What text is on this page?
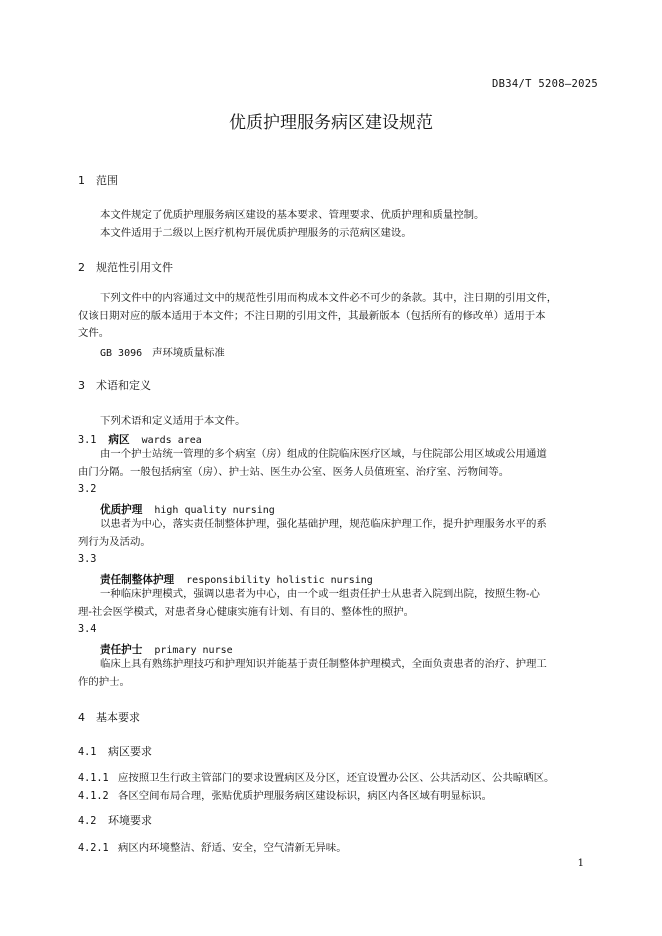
DB34/T 5208—2025
优质护理服务病区建设规范
1 范围
本文件规定了优质护理服务病区建设的基本要求、管理要求、优质护理和质量控制。
本文件适用于二级以上医疗机构开展优质护理服务的示范病区建设。
2 规范性引用文件
下列文件中的内容通过文中的规范性引用而构成本文件必不可少的条款。其中，注日期的引用文件，
仅该日期对应的版本适用于本文件；不注日期的引用文件，其最新版本（包括所有的修改单）适用于本
文件。
GB 3096 声环境质量标准
3 术语和定义
下列术语和定义适用于本文件。
3.1 病区 wards area
由一个护士站统一管理的多个病室（房）组成的住院临床医疗区域，与住院部公用区域或公用通道
由门分隔。一般包括病室（房）、护士站、医生办公室、医务人员值班室、治疗室、污物间等。
3.2
优质护理 high quality nursing
以患者为中心，落实责任制整体护理，强化基础护理，规范临床护理工作，提升护理服务水平的系
列行为及活动。
3.3
责任制整体护理 responsibility holistic nursing
一种临床护理模式，强调以患者为中心，由一个或一组责任护士从患者入院到出院，按照生物-心
理-社会医学模式，对患者身心健康实施有计划、有目的、整体性的照护。
3.4
责任护士 primary nurse
临床上具有熟练护理技巧和护理知识并能基于责任制整体护理模式，全面负责患者的治疗、护理工
作的护士。
4 基本要求
4.1 病区要求
4.1.1 应按照卫生行政主管部门的要求设置病区及分区，还宜设置办公区、公共活动区、公共晾晒区。
4.1.2 各区空间布局合理，张贴优质护理服务病区建设标识，病区内各区域有明显标识。
4.2 环境要求
4.2.1 病区内环境整洁、舒适、安全，空气清新无异味。
1
